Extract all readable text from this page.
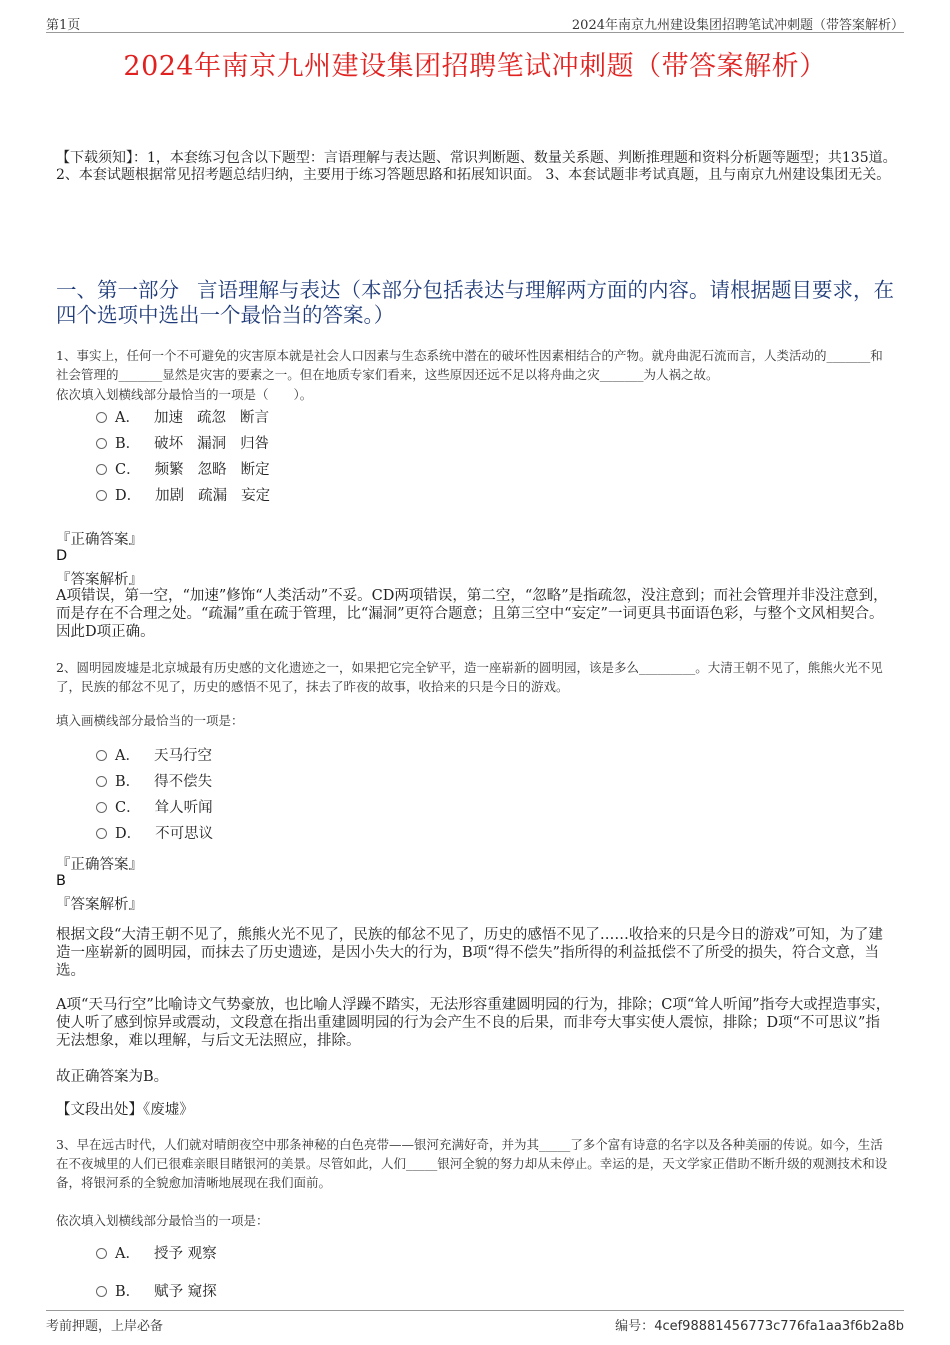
第1页	2024年南京九州建设集团招聘笔试冲刺题（带答案解析）
2024年南京九州建设集团招聘笔试冲刺题（带答案解析）
【下载须知】：1，本套练习包含以下题型：言语理解与表达题、常识判断题、数量关系题、判断推理题和资料分析题等题型；共135道。 2、本套试题根据常见招考题总结归纳，主要用于练习答题思路和拓展知识面。 3、本套试题非考试真题，且与南京九州建设集团无关。
一、第一部分 言语理解与表达（本部分包括表达与理解两方面的内容。请根据题目要求，在四个选项中选出一个最恰当的答案。）
1、事实上，任何一个不可避免的灾害原本就是社会人口因素与生态系统中潜在的破坏性因素相结合的产物。就舟曲泥石流而言，人类活动的_______和社会管理的_______显然是灾害的要素之一。但在地质专家们看来，这些原因还远不足以将舟曲之灾_______为人祸之故。
依次填入划横线部分最恰当的一项是（　　）。
A． 加速 疏忽 断言
B． 破坏 漏洞 归咎
C． 频繁 忽略 断定
D． 加剧 疏漏 妄定
『正确答案』
D
『答案解析』
A项错误，第一空，“加速”修饰“人类活动”不妥。CD两项错误，第二空，“忽略”是指疏忽，没注意到；而社会管理并非没注意到，而是存在不合理之处。“疏漏”重在疏于管理，比“漏洞”更符合题意；且第三空中“妄定”一词更具书面语色彩，与整个文风相契合。因此D项正确。
2、圆明园废墟是北京城最有历史感的文化遗迹之一，如果把它完全铲平，造一座崭新的圆明园，该是多么_________。大清王朝不见了，熊熊火光不见了，民族的郁忿不见了，历史的感悟不见了，抹去了昨夜的故事，收拾来的只是今日的游戏。
填入画横线部分最恰当的一项是：
A． 天马行空
B． 得不偿失
C． 耸人听闻
D． 不可思议
『正确答案』
B
『答案解析』
根据文段“大清王朝不见了，熊熊火光不见了，民族的郁忿不见了，历史的感悟不见了……收拾来的只是今日的游戏”可知，为了建造一座崭新的圆明园，而抹去了历史遗迹，是因小失大的行为，B项“得不偿失”指所得的利益抵偿不了所受的损失，符合文意，当选。
A项“天马行空”比喻诗文气势豪放，也比喻人浮躁不踏实，无法形容重建圆明园的行为，排除；C项“耸人听闻”指夸大或捏造事实，使人听了感到惊异或震动，文段意在指出重建圆明园的行为会产生不良的后果，而非夸大事实使人震惊，排除；D项“不可思议”指无法想象，难以理解，与后文无法照应，排除。
故正确答案为B。
【文段出处】《废墟》
3、早在远古时代，人们就对晴朗夜空中那条神秘的白色亮带——银河充满好奇，并为其_____了多个富有诗意的名字以及各种美丽的传说。如今，生活在不夜城里的人们已很难亲眼目睹银河的美景。尽管如此，人们_____银河全貌的努力却从未停止。幸运的是，天文学家正借助不断升级的观测技术和设备，将银河系的全貌愈加清晰地展现在我们面前。
依次填入划横线部分最恰当的一项是：
A． 授予 观察
B． 赋予 窥探
考前押题，上岸必备	编号：4cef98881456773c776fa1aa3f6b2a8b
